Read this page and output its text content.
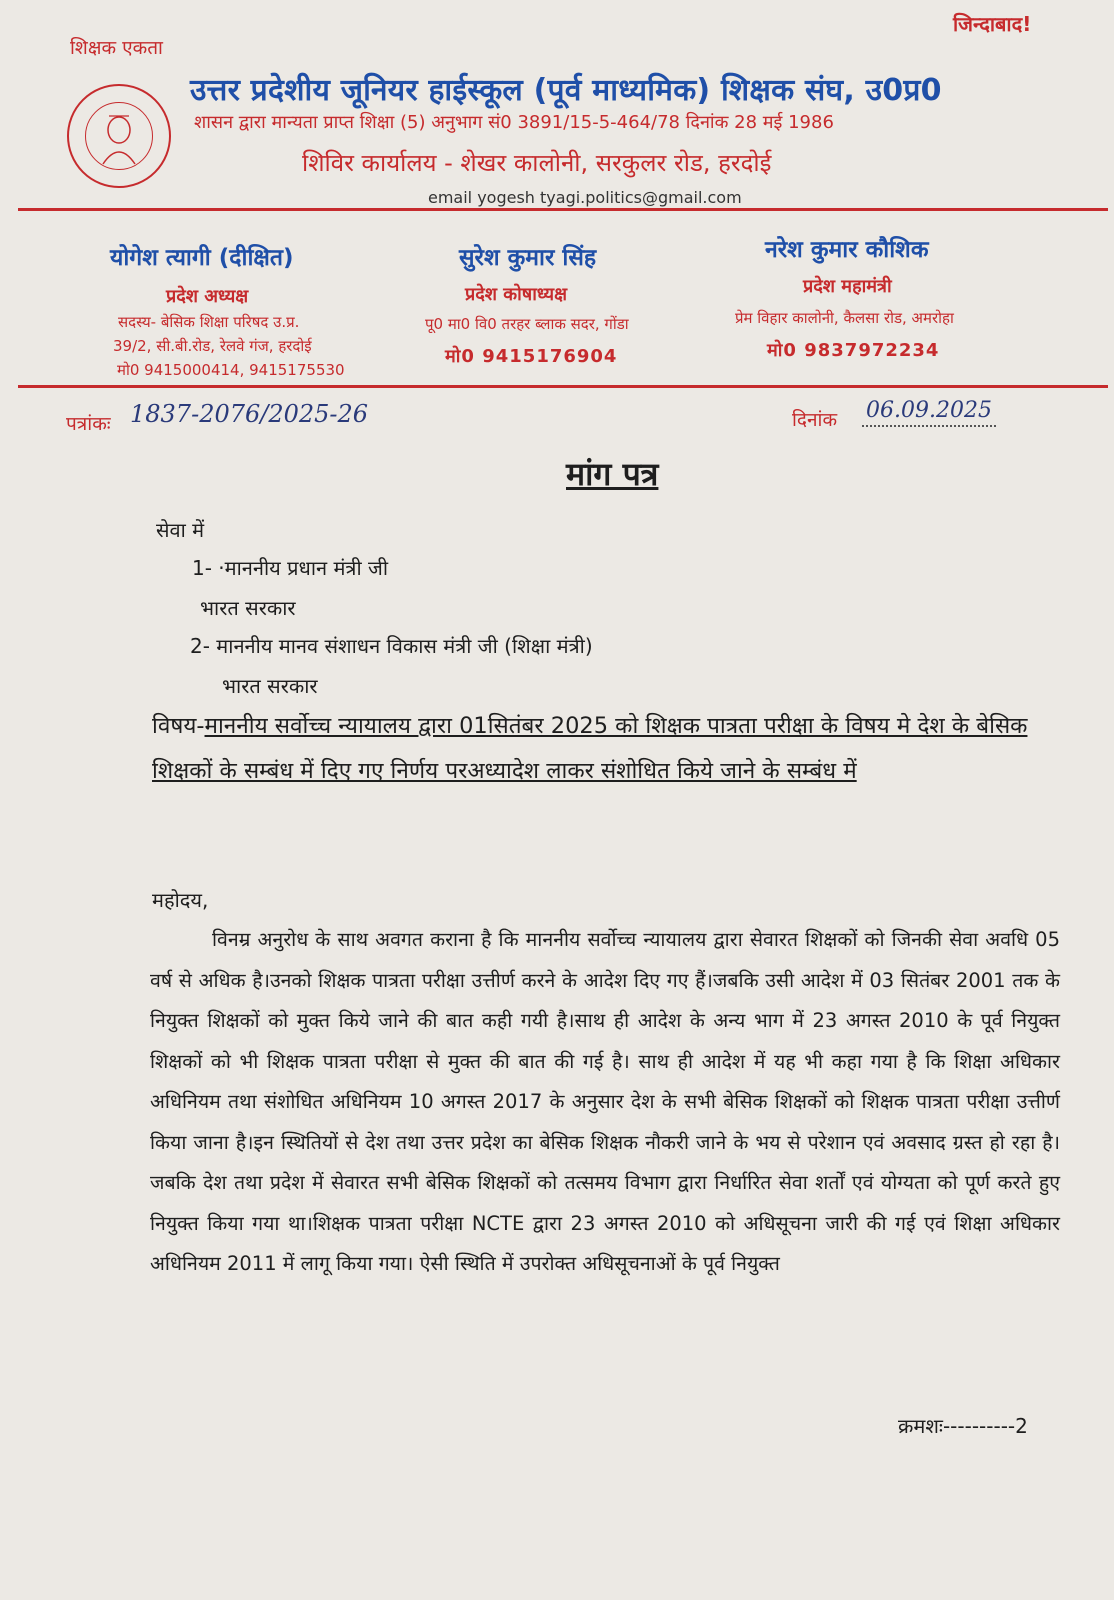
शिक्षक एकता
जिन्दाबाद!
उत्तर प्रदेशीय जूनियर हाईस्कूल (पूर्व माध्यमिक) शिक्षक संघ, उ0प्र0
शासन द्वारा मान्यता प्राप्त शिक्षा (5) अनुभाग सं0 3891/15-5-464/78 दिनांक 28 मई 1986
शिविर कार्यालय - शेखर कालोनी, सरकुलर रोड, हरदोई
email yogesh tyagi.politics@gmail.com
योगेश त्यागी (दीक्षित)
प्रदेश अध्यक्ष
सदस्य- बेसिक शिक्षा परिषद उ.प्र.
39/2, सी.बी.रोड, रेलवे गंज, हरदोई
मो0 9415000414, 9415175530
सुरेश कुमार सिंह
प्रदेश कोषाध्यक्ष
पू0 मा0 वि0 तरहर ब्लाक सदर, गोंडा
मो0 9415176904
नरेश कुमार कौशिक
प्रदेश महामंत्री
प्रेम विहार कालोनी, कैलसा रोड, अमरोहा
मो0 9837972234
पत्रांकः 1837-2076/2025-26	दिनांक 06.09.2025
मांग पत्र
सेवा में
1- ·माननीय प्रधान मंत्री जी
भारत सरकार
2- माननीय मानव संशाधन विकास मंत्री जी (शिक्षा मंत्री)
भारत सरकार
विषय-माननीय सर्वोच्च न्यायालय द्वारा 01सितंबर 2025 को शिक्षक पात्रता परीक्षा के विषय मे देश के बेसिक शिक्षकों के सम्बंध में दिए गए निर्णय परअध्यादेश लाकर संशोधित किये जाने के सम्बंध में
महोदय,
विनम्र अनुरोध के साथ अवगत कराना है कि माननीय सर्वोच्च न्यायालय द्वारा सेवारत शिक्षकों को जिनकी सेवा अवधि 05 वर्ष से अधिक है।उनको शिक्षक पात्रता परीक्षा उत्तीर्ण करने के आदेश दिए गए हैं।जबकि उसी आदेश में 03 सितंबर 2001 तक के नियुक्त शिक्षकों को मुक्त किये जाने की बात कही गयी है।साथ ही आदेश के अन्य भाग में 23 अगस्त 2010 के पूर्व नियुक्त शिक्षकों को भी शिक्षक पात्रता परीक्षा से मुक्त की बात की गई है। साथ ही आदेश में यह भी कहा गया है कि शिक्षा अधिकार अधिनियम तथा संशोधित अधिनियम 10 अगस्त 2017 के अनुसार देश के सभी बेसिक शिक्षकों को शिक्षक पात्रता परीक्षा उत्तीर्ण किया जाना है।इन स्थितियों से देश तथा उत्तर प्रदेश का बेसिक शिक्षक नौकरी जाने के भय से परेशान एवं अवसाद ग्रस्त हो रहा है। जबकि देश तथा प्रदेश में सेवारत सभी बेसिक शिक्षकों को तत्समय विभाग द्वारा निर्धारित सेवा शर्तों एवं योग्यता को पूर्ण करते हुए नियुक्त किया गया था।शिक्षक पात्रता परीक्षा NCTE द्वारा 23 अगस्त 2010 को अधिसूचना जारी की गई एवं शिक्षा अधिकार अधिनियम 2011 में लागू किया गया। ऐसी स्थिति में उपरोक्त अधिसूचनाओं के पूर्व नियुक्त
क्रमशः----------2
